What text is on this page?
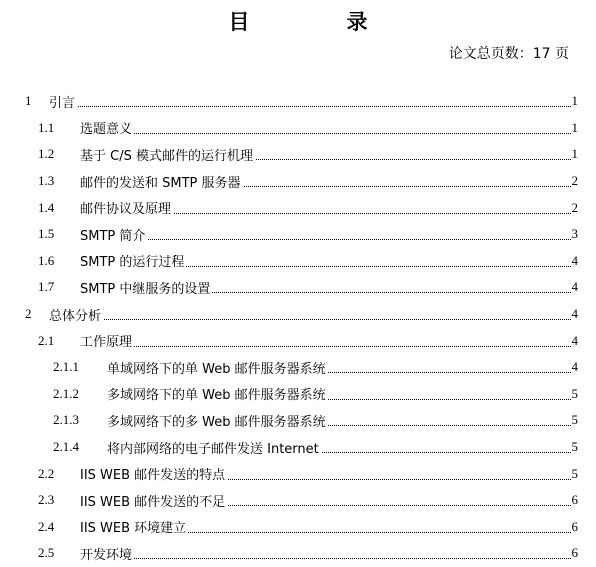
目　录
论文总页数：17 页
1 引言	1
1.1 选题意义	1
1.2 基于 C/S 模式邮件的运行机理	1
1.3 邮件的发送和 SMTP 服务器	2
1.4 邮件协议及原理	2
1.5 SMTP 简介	3
1.6 SMTP 的运行过程	4
1.7 SMTP 中继服务的设置	4
2 总体分析	4
2.1 工作原理	4
2.1.1 单域网络下的单 Web 邮件服务器系统	4
2.1.2 多域网络下的单 Web 邮件服务器系统	5
2.1.3 多域网络下的多 Web 邮件服务器系统	5
2.1.4 将内部网络的电子邮件发送 Internet	5
2.2 IIS WEB 邮件发送的特点	5
2.3 IIS WEB 邮件发送的不足	6
2.4 IIS WEB 环境建立	6
2.5 开发环境	6
